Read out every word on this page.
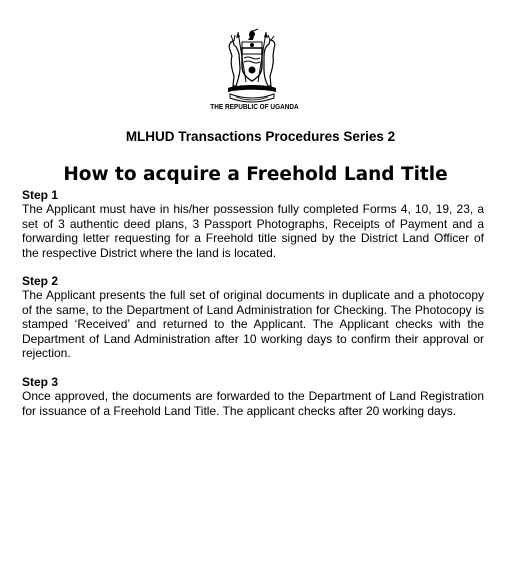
THE REPUBLIC OF UGANDA
MLHUD Transactions Procedures Series 2
How to acquire a Freehold Land Title
Step 1
The Applicant must have in his/her possession fully completed Forms 4, 10, 19, 23, a set of 3 authentic deed plans, 3 Passport Photographs, Receipts of Payment and a forwarding letter requesting for a Freehold title signed by the District Land Officer of the respective District where the land is located.
Step 2
The Applicant presents the full set of original documents in duplicate and a photocopy of the same, to the Department of Land Administration for Checking. The Photocopy is stamped ‘Received’ and returned to the Applicant. The Applicant checks with the Department of Land Administration after 10 working days to confirm their approval or rejection.
Step 3
Once approved, the documents are forwarded to the Department of Land Registration for issuance of a Freehold Land Title. The applicant checks after 20 working days.
